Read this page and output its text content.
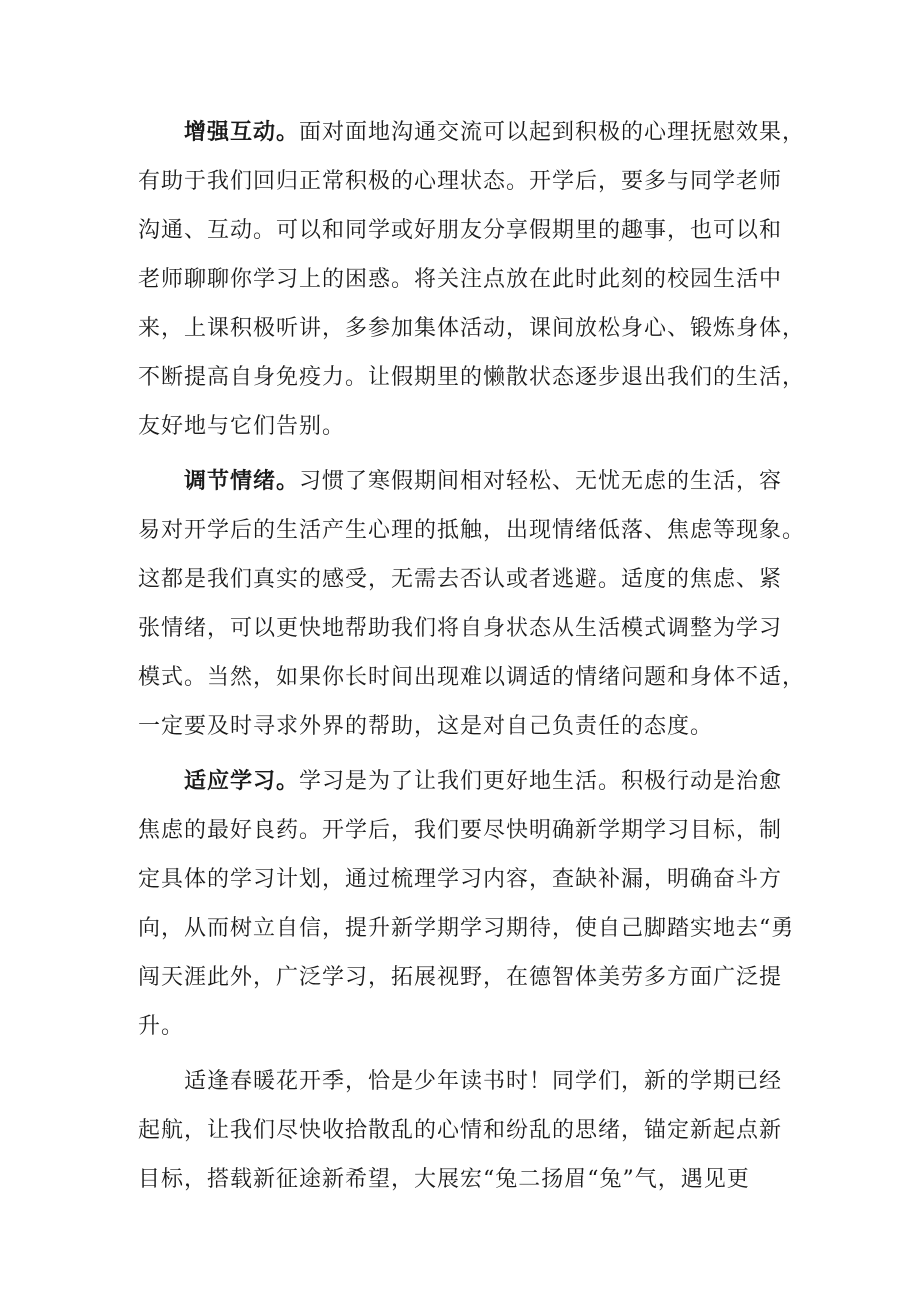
增强互动。面对面地沟通交流可以起到积极的心理抚慰效果，
有助于我们回归正常积极的心理状态。开学后，要多与同学老师
沟通、互动。可以和同学或好朋友分享假期里的趣事，也可以和
老师聊聊你学习上的困惑。将关注点放在此时此刻的校园生活中
来，上课积极听讲，多参加集体活动，课间放松身心、锻炼身体，
不断提高自身免疫力。让假期里的懒散状态逐步退出我们的生活，
友好地与它们告别。
调节情绪。习惯了寒假期间相对轻松、无忧无虑的生活，容
易对开学后的生活产生心理的抵触，出现情绪低落、焦虑等现象。
这都是我们真实的感受，无需去否认或者逃避。适度的焦虑、紧
张情绪，可以更快地帮助我们将自身状态从生活模式调整为学习
模式。当然，如果你长时间出现难以调适的情绪问题和身体不适，
一定要及时寻求外界的帮助，这是对自己负责任的态度。
适应学习。学习是为了让我们更好地生活。积极行动是治愈
焦虑的最好良药。开学后，我们要尽快明确新学期学习目标，制
定具体的学习计划，通过梳理学习内容，查缺补漏，明确奋斗方
向，从而树立自信，提升新学期学习期待，使自己脚踏实地去“勇
闯天涯此外，广泛学习，拓展视野，在德智体美劳多方面广泛提
升。
适逢春暖花开季，恰是少年读书时！同学们，新的学期已经
起航，让我们尽快收拾散乱的心情和纷乱的思绪，锚定新起点新
目标，搭载新征途新希望，大展宏“兔二扬眉“兔”气，遇见更
